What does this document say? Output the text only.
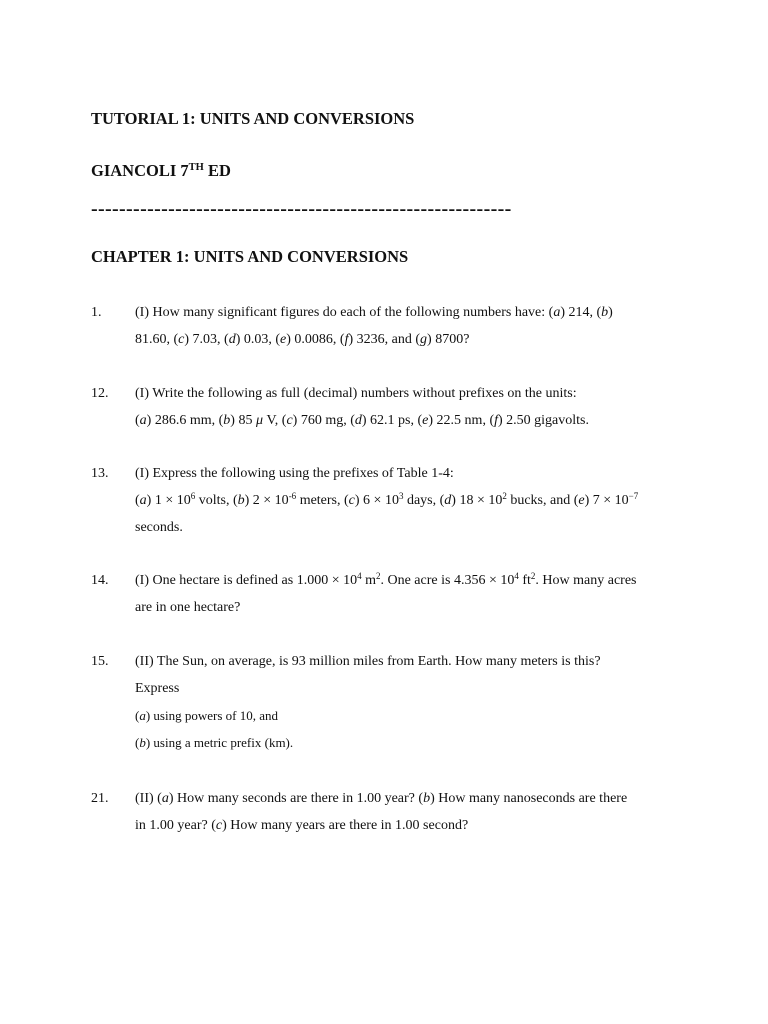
TUTORIAL 1: UNITS AND CONVERSIONS
GIANCOLI 7TH ED
------------------------------------------------------------
CHAPTER 1: UNITS AND CONVERSIONS
1. (I) How many significant figures do each of the following numbers have: (a) 214, (b)
81.60, (c) 7.03, (d) 0.03, (e) 0.0086, (f) 3236, and (g) 8700?
12. (I) Write the following as full (decimal) numbers without prefixes on the units:
(a) 286.6 mm, (b) 85 μ V, (c) 760 mg, (d) 62.1 ps, (e) 22.5 nm, (f) 2.50 gigavolts.
13. (I) Express the following using the prefixes of Table 1-4:
(a) $1 \times 10^6$ volts, (b) $2 \times 10^{-6}$ meters, (c) $6 \times 10^3$ days, (d) $18 \times 10^2$ bucks, and (e) $7 \times 10^{-7}$
seconds.
14. (I) One hectare is defined as $1.000 \times 10^4$ $m^2$. One acre is $4.356 \times 10^4$ $ft^2$. How many acres
are in one hectare?
15. (II) The Sun, on average, is 93 million miles from Earth. How many meters is this?
Express
(a) using powers of 10, and
(b) using a metric prefix (km).
21. (II) (a) How many seconds are there in 1.00 year? (b) How many nanoseconds are there
in 1.00 year? (c) How many years are there in 1.00 second?
